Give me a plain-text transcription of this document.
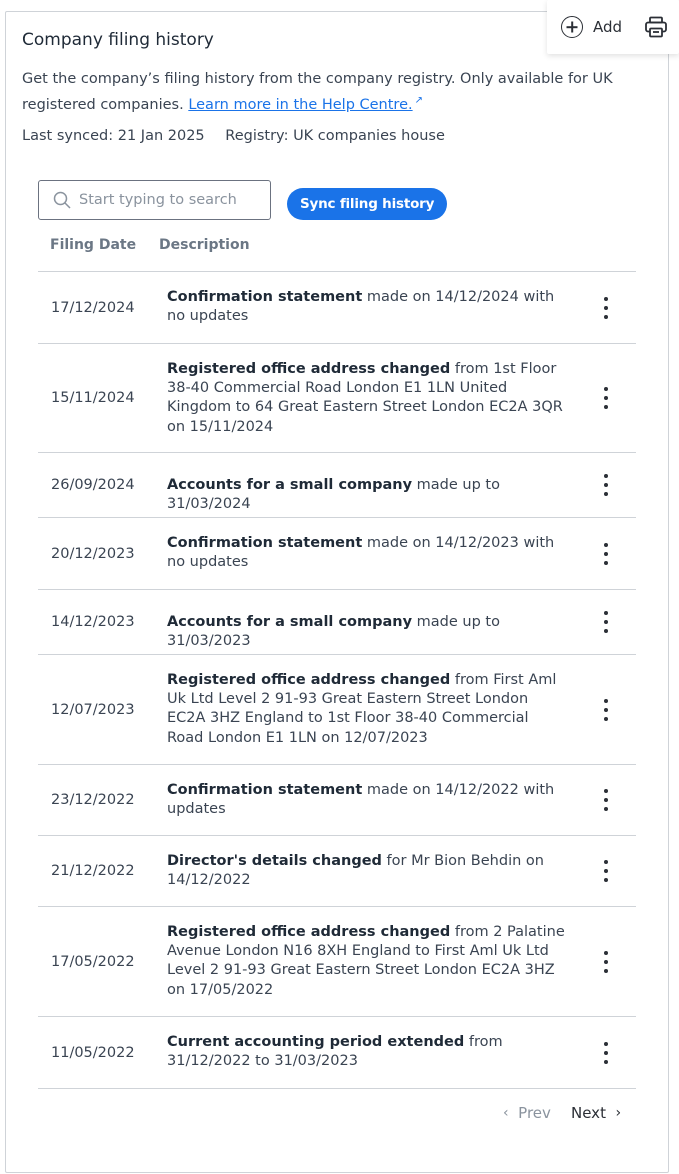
Add
Company filing history
Get the company’s filing history from the company registry. Only available for UK registered companies. Learn more in the Help Centre. ↗
Last synced: 21 Jan 2025 Registry: UK companies house
Start typing to search
Sync filing history
Filing Date Description
17/12/2024
Confirmation statement made on 14/12/2024 with no updates
15/11/2024
Registered office address changed from 1st Floor 38-40 Commercial Road London E1 1LN United Kingdom to 64 Great Eastern Street London EC2A 3QR on 15/11/2024
26/09/2024 Accounts for a small company made up to 31/03/2024
20/12/2023
Confirmation statement made on 14/12/2023 with no updates
14/12/2023 Accounts for a small company made up to 31/03/2023
Registered office address changed from First Aml Uk Ltd Level 2 91-93 Great Eastern Street London EC2A 3HZ England to 1st Floor 38-40 Commercial Road London E1 1LN on 12/07/2023
12/07/2023
23/12/2022
Confirmation statement made on 14/12/2022 with updates
21/12/2022
Director's details changed for Mr Bion Behdin on 14/12/2022
17/05/2022
Registered office address changed from 2 Palatine Avenue London N16 8XH England to First Aml Uk Ltd Level 2 91-93 Great Eastern Street London EC2A 3HZ on 17/05/2022
11/05/2022
Current accounting period extended from 31/12/2022 to 31/03/2023
‹
Prev Next
›
